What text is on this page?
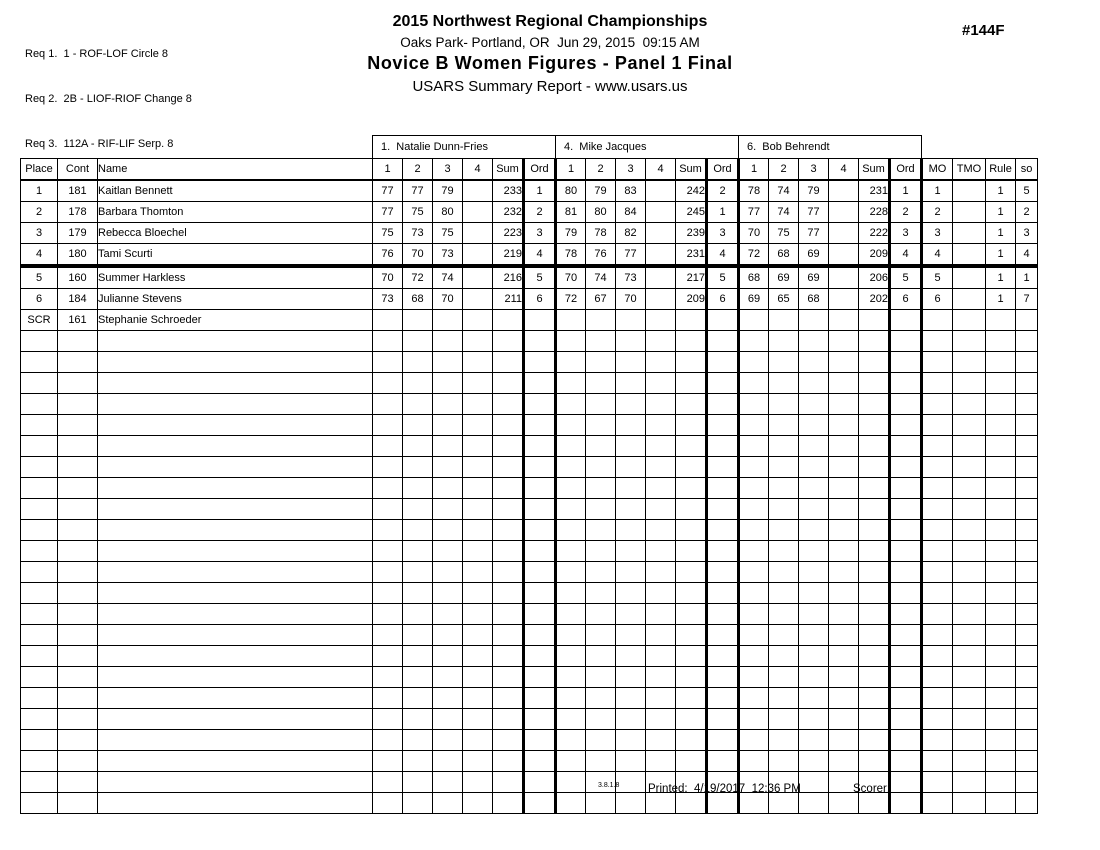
Req 1.  1 - ROF-LOF Circle 8

Req 2.  2B - LIOF-RIOF Change 8

Req 3.  112A - RIF-LIF Serp. 8

2015 Northwest Regional Championships
Oaks Park- Portland, OR  Jun 29, 2015  09:15 AM
Novice B Women Figures - Panel 1 Final
USARS Summary Report - www.usars.us
#144F
			1.  Natalie Dunn-Fries						4.  Mike Jacques						6.  Bob Behrendt									
Place	Cont	Name	1	2	3	4	Sum	Ord	1	2	3	4	Sum	Ord	1	2	3	4	Sum	Ord	MO	TMO	Rule	so
1	181	Kaitlan Bennett	77	77	79		233	1	80	79	83		242	2	78	74	79		231	1	1		1	5
2	178	Barbara Thomton	77	75	80		232	2	81	80	84		245	1	77	74	77		228	2	2		1	2
3	179	Rebecca Bloechel	75	73	75		223	3	79	78	82		239	3	70	75	77		222	3	3		1	3
4	180	Tami Scurti	76	70	73		219	4	78	76	77		231	4	72	68	69		209	4	4		1	4
5	160	Summer Harkless	70	72	74		216	5	70	74	73		217	5	68	69	69		206	5	5		1	1
6	184	Julianne Stevens	73	68	70		211	6	72	67	70		209	6	69	65	68		202	6	6		1	7
SCR	161	Stephanie Schroeder																						

3.8.1.8 Printed: 4/19/2017  12:36 PM	Scorer:
